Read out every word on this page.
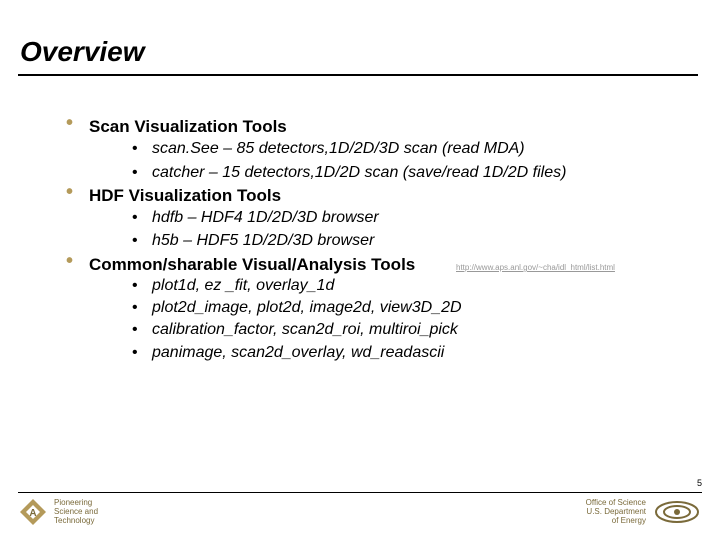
Overview
• Scan Visualization Tools
• scan.See – 85 detectors,1D/2D/3D scan (read MDA)
• catcher – 15 detectors,1D/2D scan (save/read 1D/2D files)
• HDF Visualization Tools
• hdfb – HDF4 1D/2D/3D browser
• h5b – HDF5 1D/2D/3D browser
• Common/sharable Visual/Analysis Tools	http://www.aps.anl.gov/~cha/idl_html/list.html
• plot1d, ez _fit, overlay_1d
• plot2d_image, plot2d, image2d, view3D_2D
• calibration_factor, scan2d_roi, multiroi_pick
• panimage, scan2d_overlay, wd_readascii
5
A
Pioneering
Science and
Technology
Office of Science
U.S. Department
of Energy
